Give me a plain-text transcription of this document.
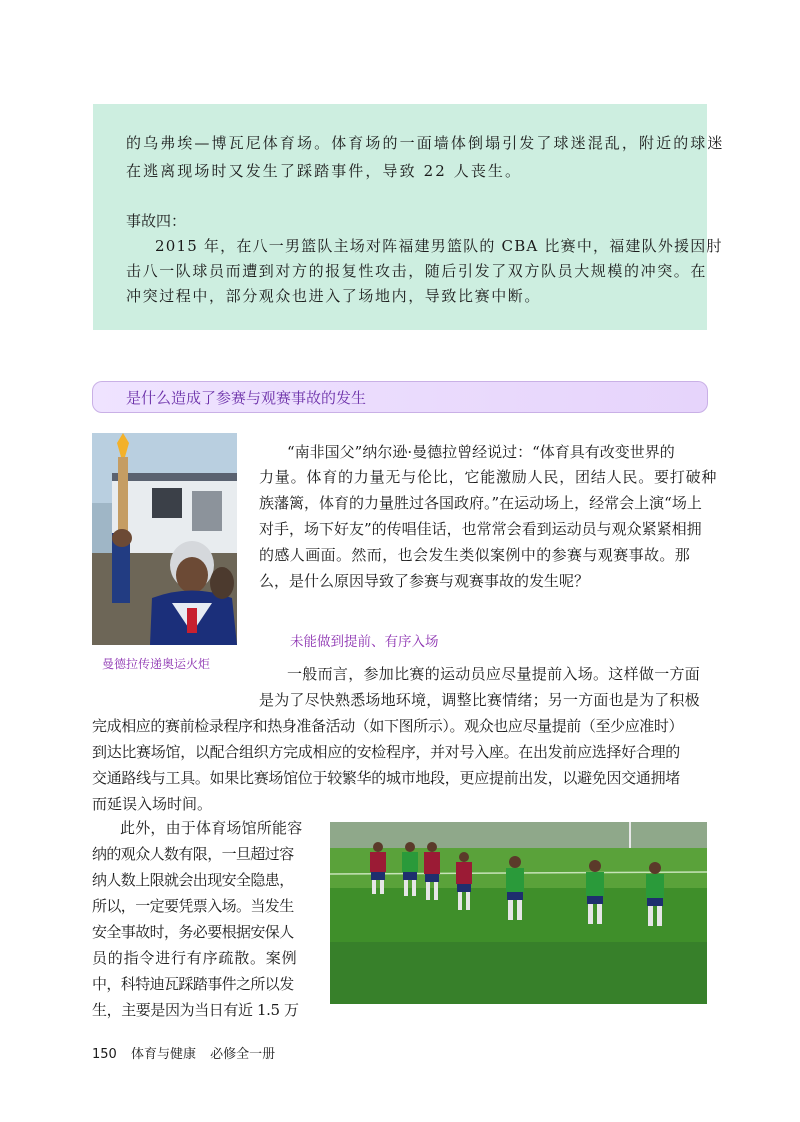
的乌弗埃—博瓦尼体育场。体育场的一面墙体倒塌引发了球迷混乱，附近的球迷

在逃离现场时又发生了踩踏事件，导致 22 人丧生。

事故四：

2015 年，在八一男篮队主场对阵福建男篮队的 CBA 比赛中，福建队外援因肘

击八一队球员而遭到对方的报复性攻击，随后引发了双方队员大规模的冲突。在

冲突过程中，部分观众也进入了场地内，导致比赛中断。

是什么造成了参赛与观赛事故的发生
曼德拉传递奥运火炬

“南非国父”纳尔逊·曼德拉曾经说过：“体育具有改变世界的

力量。体育的力量无与伦比，它能激励人民，团结人民。要打破种

族藩篱，体育的力量胜过各国政府。”在运动场上，经常会上演“场上

对手，场下好友”的传唱佳话，也常常会看到运动员与观众紧紧相拥

的感人画面。然而，也会发生类似案例中的参赛与观赛事故。那

么，是什么原因导致了参赛与观赛事故的发生呢？

未能做到提前、有序入场

一般而言，参加比赛的运动员应尽量提前入场。这样做一方面

是为了尽快熟悉场地环境，调整比赛情绪；另一方面也是为了积极

完成相应的赛前检录程序和热身准备活动（如下图所示）。观众也应尽量提前（至少应准时）

到达比赛场馆，以配合组织方完成相应的安检程序，并对号入座。在出发前应选择好合理的

交通路线与工具。如果比赛场馆位于较繁华的城市地段，更应提前出发，以避免因交通拥堵

而延误入场时间。

此外，由于体育场馆所能容

纳的观众人数有限，一旦超过容

纳人数上限就会出现安全隐患，

所以，一定要凭票入场。当发生

安全事故时，务必要根据安保人

员的指令进行有序疏散。案例

中，科特迪瓦踩踏事件之所以发

生，主要是因为当日有近 1.5 万

150 体育与健康 必修全一册
